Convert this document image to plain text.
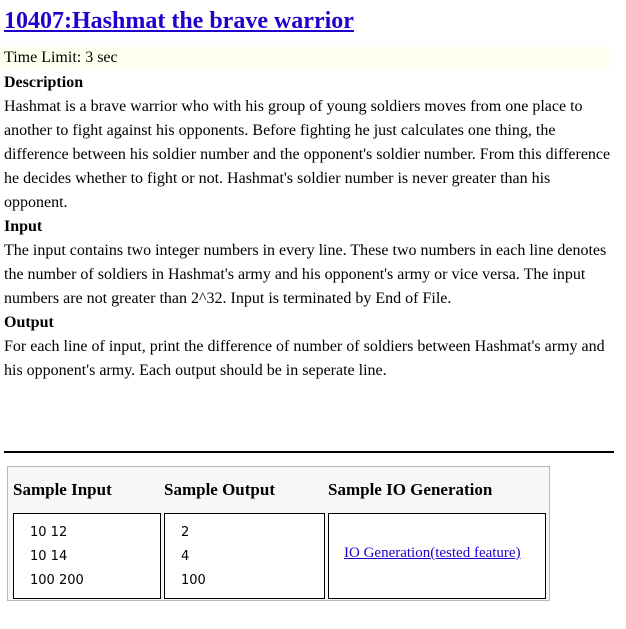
10407:Hashmat the brave warrior
Time Limit: 3 sec
Description
Hashmat is a brave warrior who with his group of young soldiers moves from one place to another to fight against his opponents. Before fighting he just calculates one thing, the difference between his soldier number and the opponent's soldier number. From this difference he decides whether to fight or not. Hashmat's soldier number is never greater than his opponent.
Input
The input contains two integer numbers in every line. These two numbers in each line denotes the number of soldiers in Hashmat's army and his opponent's army or vice versa. The input numbers are not greater than 2^32. Input is terminated by End of File.
Output
For each line of input, print the difference of number of soldiers between Hashmat's army and his opponent's army. Each output should be in seperate line.
Sample Input	Sample Output	Sample IO Generation
10 12
10 14
100 200
2
4
100
IO Generation(tested feature)
